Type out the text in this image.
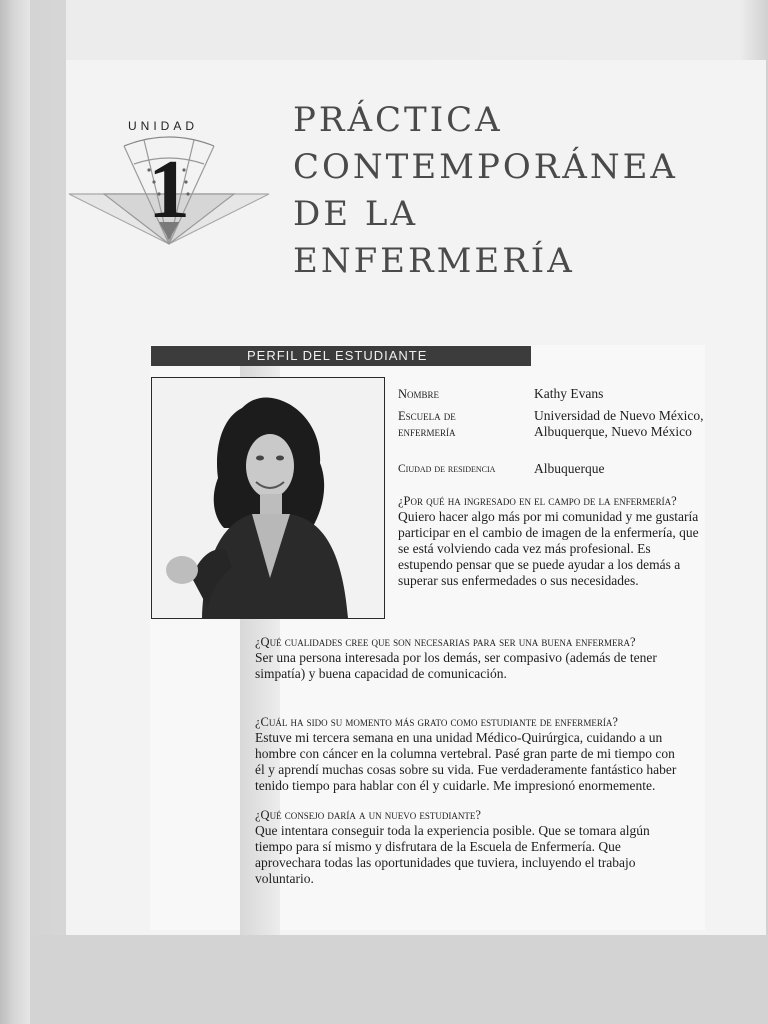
UNIDAD
1
PRÁCTICA
CONTEMPORÁNEA
DE LA
ENFERMERÍA
PERFIL DEL ESTUDIANTE
Nombre	Kathy Evans
Escuela de enfermería
Universidad de Nuevo México, Albuquerque, Nuevo México
Ciudad de residencia	Albuquerque
¿Por qué ha ingresado en el campo de la enfermería?
Quiero hacer algo más por mi comunidad y me gustaría participar en el cambio de imagen de la enfermería, que se está volviendo cada vez más profesional. Es estupendo pensar que se puede ayudar a los demás a superar sus enfermedades o sus necesidades.
¿Qué cualidades cree que son necesarias para ser una buena enfermera?
Ser una persona interesada por los demás, ser compasivo (además de tener simpatía) y buena capacidad de comunicación.
¿Cuál ha sido su momento más grato como estudiante de enfermería?
Estuve mi tercera semana en una unidad Médico-Quirúrgica, cuidando a un hombre con cáncer en la columna vertebral. Pasé gran parte de mi tiempo con él y aprendí muchas cosas sobre su vida. Fue verdaderamente fantástico haber tenido tiempo para hablar con él y cuidarle. Me impresionó enormemente.
¿Qué consejo daría a un nuevo estudiante?
Que intentara conseguir toda la experiencia posible. Que se tomara algún tiempo para sí mismo y disfrutara de la Escuela de Enfermería. Que aprovechara todas las oportunidades que tuviera, incluyendo el trabajo voluntario.
